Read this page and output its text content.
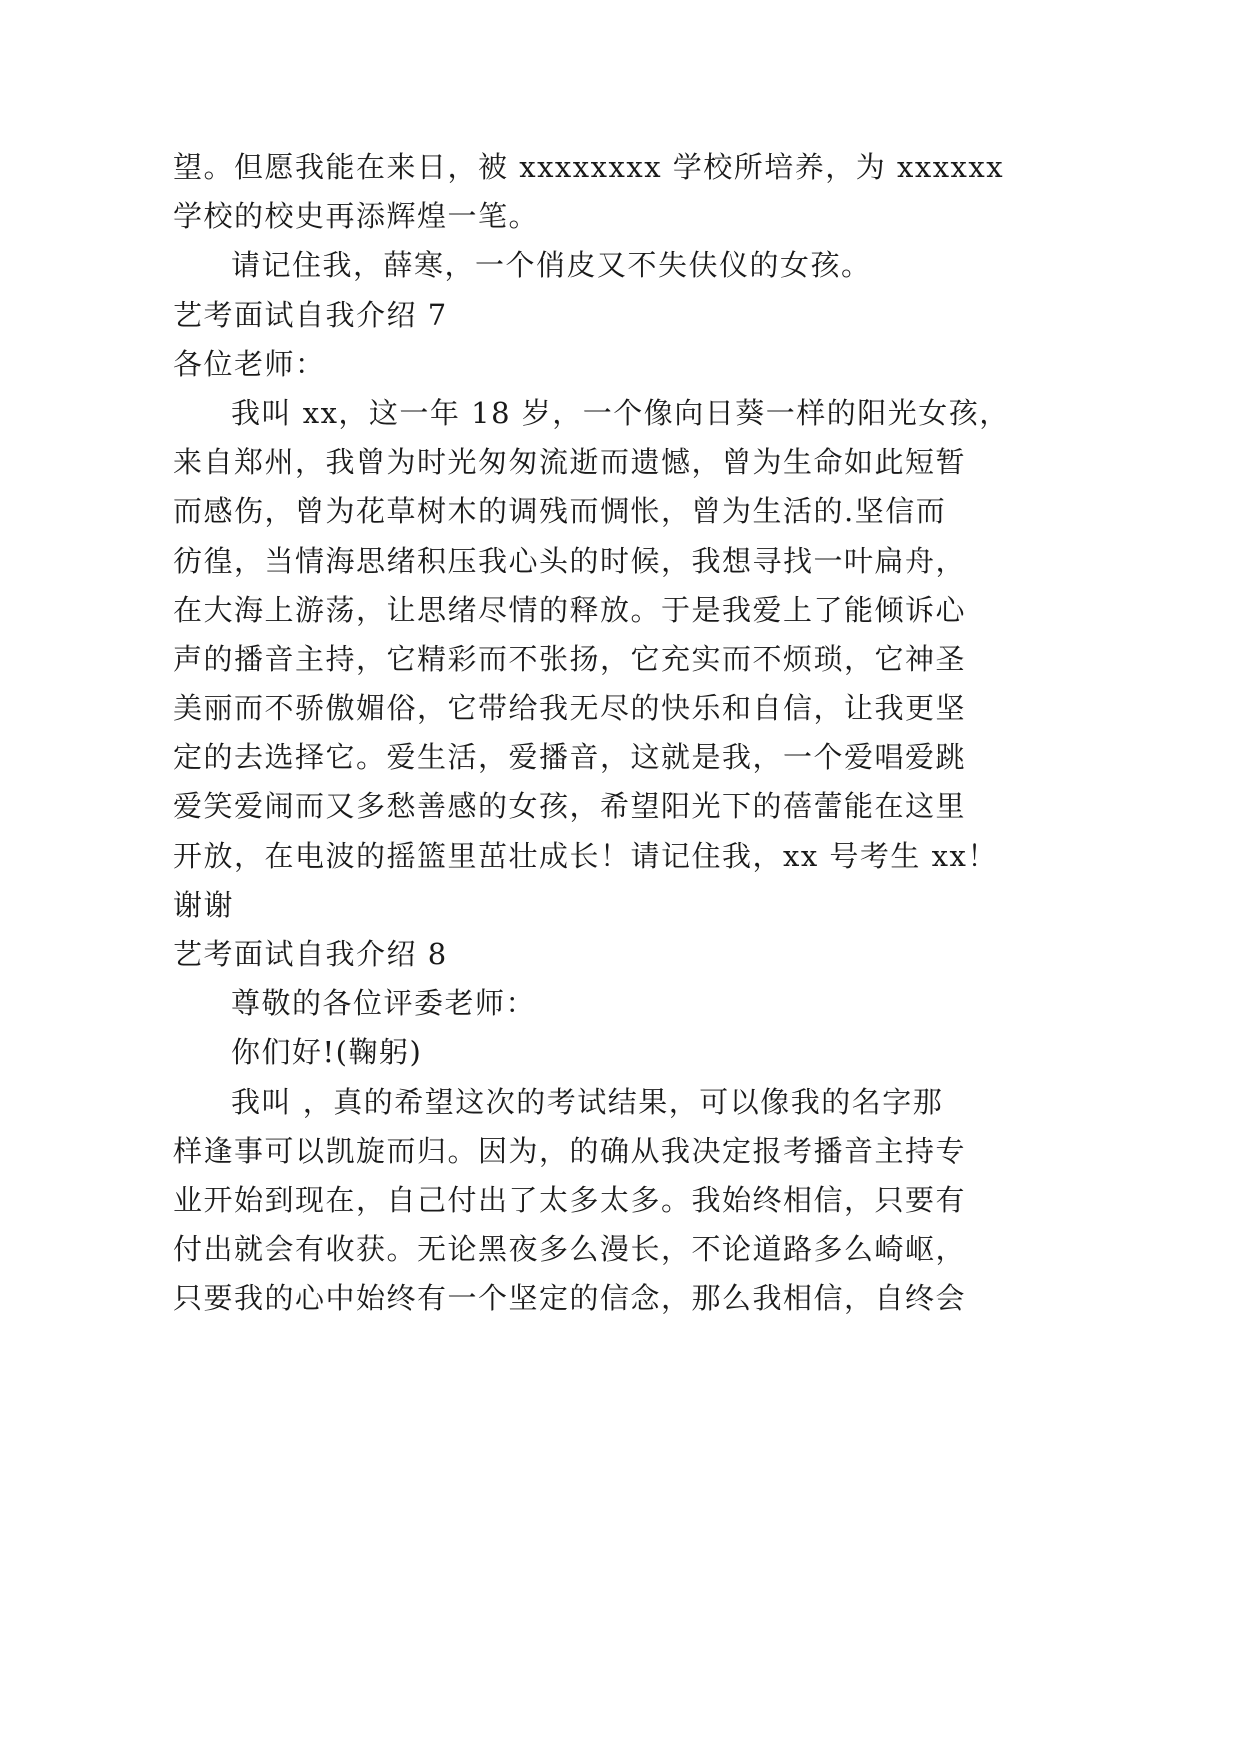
望。但愿我能在来日，被 xxxxxxxx 学校所培养，为 xxxxxx
学校的校史再添辉煌一笔。
请记住我，薛寒，一个俏皮又不失伕仪的女孩。
艺考面试自我介绍 7
各位老师：
我叫 xx，这一年 18 岁，一个像向日葵一样的阳光女孩，
来自郑州，我曾为时光匆匆流逝而遗憾，曾为生命如此短暂
而感伤，曾为花草树木的调残而惆怅，曾为生活的.坚信而
彷徨，当情海思绪积压我心头的时候，我想寻找一叶扁舟，
在大海上游荡，让思绪尽情的释放。于是我爱上了能倾诉心
声的播音主持，它精彩而不张扬，它充实而不烦琐，它神圣
美丽而不骄傲媚俗，它带给我无尽的快乐和自信，让我更坚
定的去选择它。爱生活，爱播音，这就是我，一个爱唱爱跳
爱笑爱闹而又多愁善感的女孩，希望阳光下的蓓蕾能在这里
开放，在电波的摇篮里茁壮成长！请记住我，xx 号考生 xx！
谢谢
艺考面试自我介绍 8
尊敬的各位评委老师：
你们好!(鞠躬)
我叫 ，真的希望这次的考试结果，可以像我的名字那
样逢事可以凯旋而归。因为，的确从我决定报考播音主持专
业开始到现在，自己付出了太多太多。我始终相信，只要有
付出就会有收获。无论黑夜多么漫长，不论道路多么崎岖，
只要我的心中始终有一个坚定的信念，那么我相信，自终会
